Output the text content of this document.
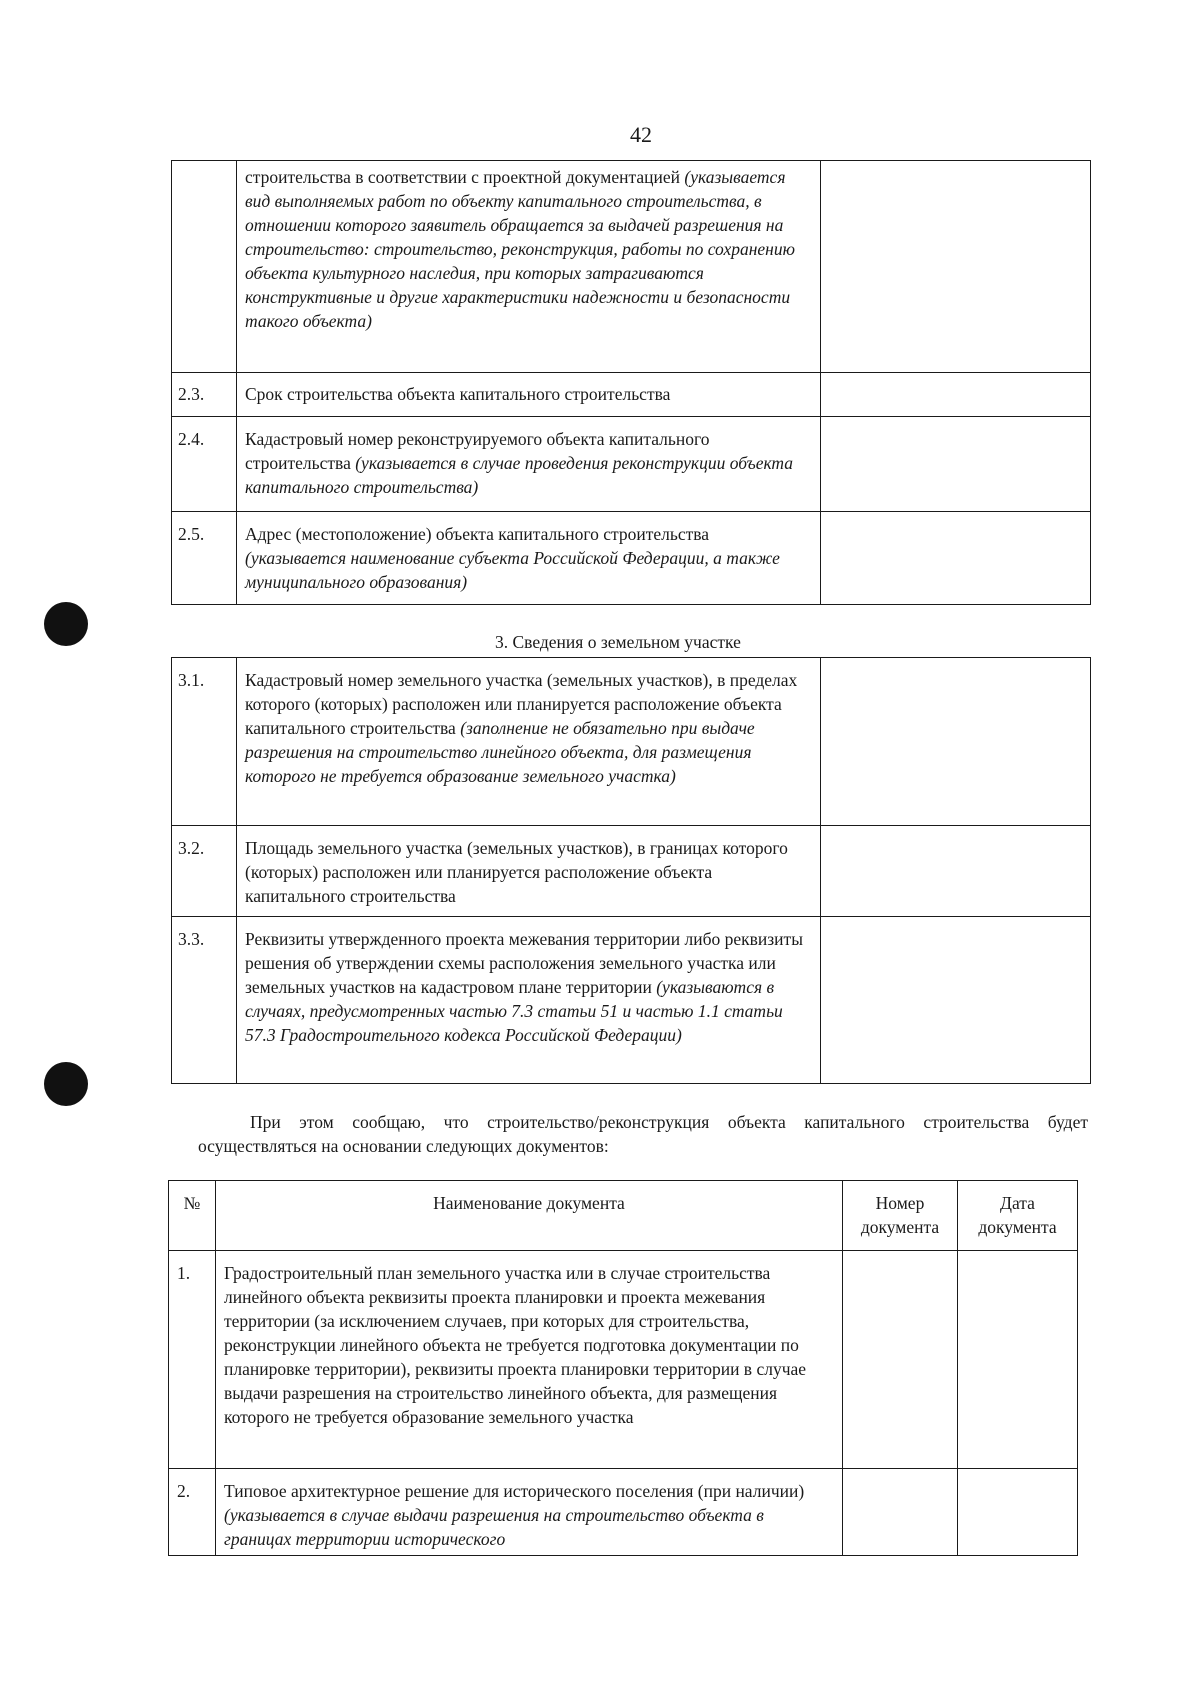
42
	строительства в соответствии с проектной документацией (указывается вид выполняемых работ по объекту капитального строительства, в отношении которого заявитель обращается за выдачей разрешения на строительство: строительство, реконструкция, работы по сохранению объекта культурного наследия, при которых затрагиваются конструктивные и другие характеристики надежности и безопасности такого объекта)	
2.3.	Срок строительства объекта капитального строительства	
2.4.	Кадастровый номер реконструируемого объекта капитального строительства (указывается в случае проведения реконструкции объекта капитального строительства)	
2.5.	Адрес (местоположение) объекта капитального строительства (указывается наименование субъекта Российской Федерации, а также муниципального образования)	
3. Сведения о земельном участке
3.1.	Кадастровый номер земельного участка (земельных участков), в пределах которого (которых) расположен или планируется расположение объекта капитального строительства (заполнение не обязательно при выдаче разрешения на строительство линейного объекта, для размещения которого не требуется образование земельного участка)	
3.2.	Площадь земельного участка (земельных участков), в границах которого (которых) расположен или планируется расположение объекта капитального строительства	
3.3.	Реквизиты утвержденного проекта межевания территории либо реквизиты решения об утверждении схемы расположения земельного участка или земельных участков на кадастровом плане территории (указываются в случаях, предусмотренных частью 7.3 статьи 51 и частью 1.1 статьи 57.3 Градостроительного кодекса Российской Федерации)	
При этом сообщаю, что строительство/реконструкция объекта капитального строительства будет осуществляться на основании следующих документов:
№	Наименование документа	Номер документа	Дата документа
1.	Градостроительный план земельного участка или в случае строительства линейного объекта реквизиты проекта планировки и проекта межевания территории (за исключением случаев, при которых для строительства, реконструкции линейного объекта не требуется подготовка документации по планировке территории), реквизиты проекта планировки территории в случае выдачи разрешения на строительство линейного объекта, для размещения которого не требуется образование земельного участка		
2.	Типовое архитектурное решение для исторического поселения (при наличии) (указывается в случае выдачи разрешения на строительство объекта в границах территории исторического		
